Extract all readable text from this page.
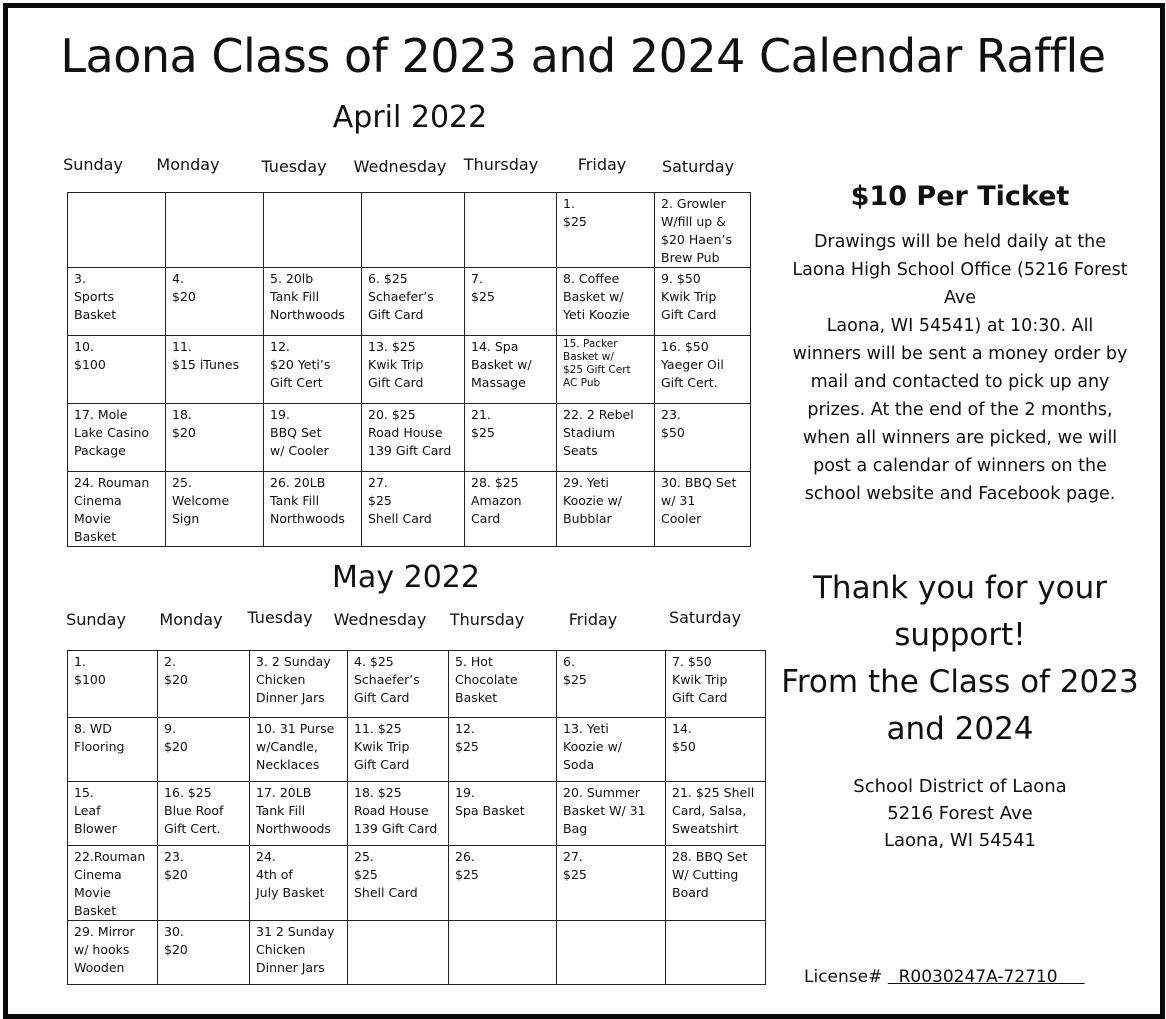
Laona Class of 2023 and 2024 Calendar Raffle
April 2022
Sunday	Monday	Tuesday	Wednesday	Thursday	Friday	Saturday

					1.
$25	2. Growler
W/fill up &
$20 Haen’s
Brew Pub

3.
Sports
Basket	4.
$20	5. 20lb
Tank Fill
Northwoods	6. $25
Schaefer’s
Gift Card	7.
$25	8. Coffee
Basket w/
Yeti Koozie	9. $50
Kwik Trip
Gift Card

10.
$100	11.
$15 iTunes	12.
$20 Yeti’s
Gift Cert	13. $25
Kwik Trip
Gift Card	14. Spa
Basket w/
Massage	15. Packer
Basket w/
$25 Gift Cert
AC Pub	16. $50
Yaeger Oil
Gift Cert.

17. Mole
Lake Casino
Package	18.
$20	19.
BBQ Set
w/ Cooler	20. $25
Road House
139 Gift Card	21.
$25	22. 2 Rebel
Stadium
Seats	23.
$50

24. Rouman
Cinema
Movie
Basket	25.
Welcome
Sign	26. 20LB
Tank Fill
Northwoods	27.
$25
Shell Card	28. $25
Amazon
Card	29. Yeti
Koozie w/
Bubblar	30. BBQ Set
w/ 31
Cooler
May 2022
Sunday	Monday	Tuesday	Wednesday	Thursday	Friday	Saturday
1.
$100	2.
$20	3. 2 Sunday
Chicken
Dinner Jars	4. $25
Schaefer’s
Gift Card	5. Hot
Chocolate
Basket	6.
$25	7. $50
Kwik Trip
Gift Card

8. WD
Flooring	9.
$20	10. 31 Purse
w/Candle,
Necklaces	11. $25
Kwik Trip
Gift Card	12.
$25	13. Yeti
Koozie w/
Soda	14.
$50

15.
Leaf
Blower	16. $25
Blue Roof
Gift Cert.	17. 20LB
Tank Fill
Northwoods	18. $25
Road House
139 Gift Card	19.
Spa Basket	20. Summer
Basket W/ 31
Bag	21. $25 Shell
Card, Salsa,
Sweatshirt

22.Rouman
Cinema
Movie
Basket	23.
$20	24.
4th of
July Basket	25.
$25
Shell Card	26.
$25	27.
$25	28. BBQ Set
W/ Cutting
Board

29. Mirror
w/ hooks
Wooden	30.
$20	31 2 Sunday
Chicken
Dinner Jars				

$10 Per Ticket
Drawings will be held daily at the Laona High School Office (5216 Forest Ave
Laona, WI 54541) at 10:30. All winners will be sent a money order by mail and contacted to pick up any prizes. At the end of the 2 months, when all winners are picked, we will post a calendar of winners on the school website and Facebook page.
Thank you for your support!
From the Class of 2023 and 2024
School District of Laona
5216 Forest Ave
Laona, WI 54541
License# R0030247A-72710
